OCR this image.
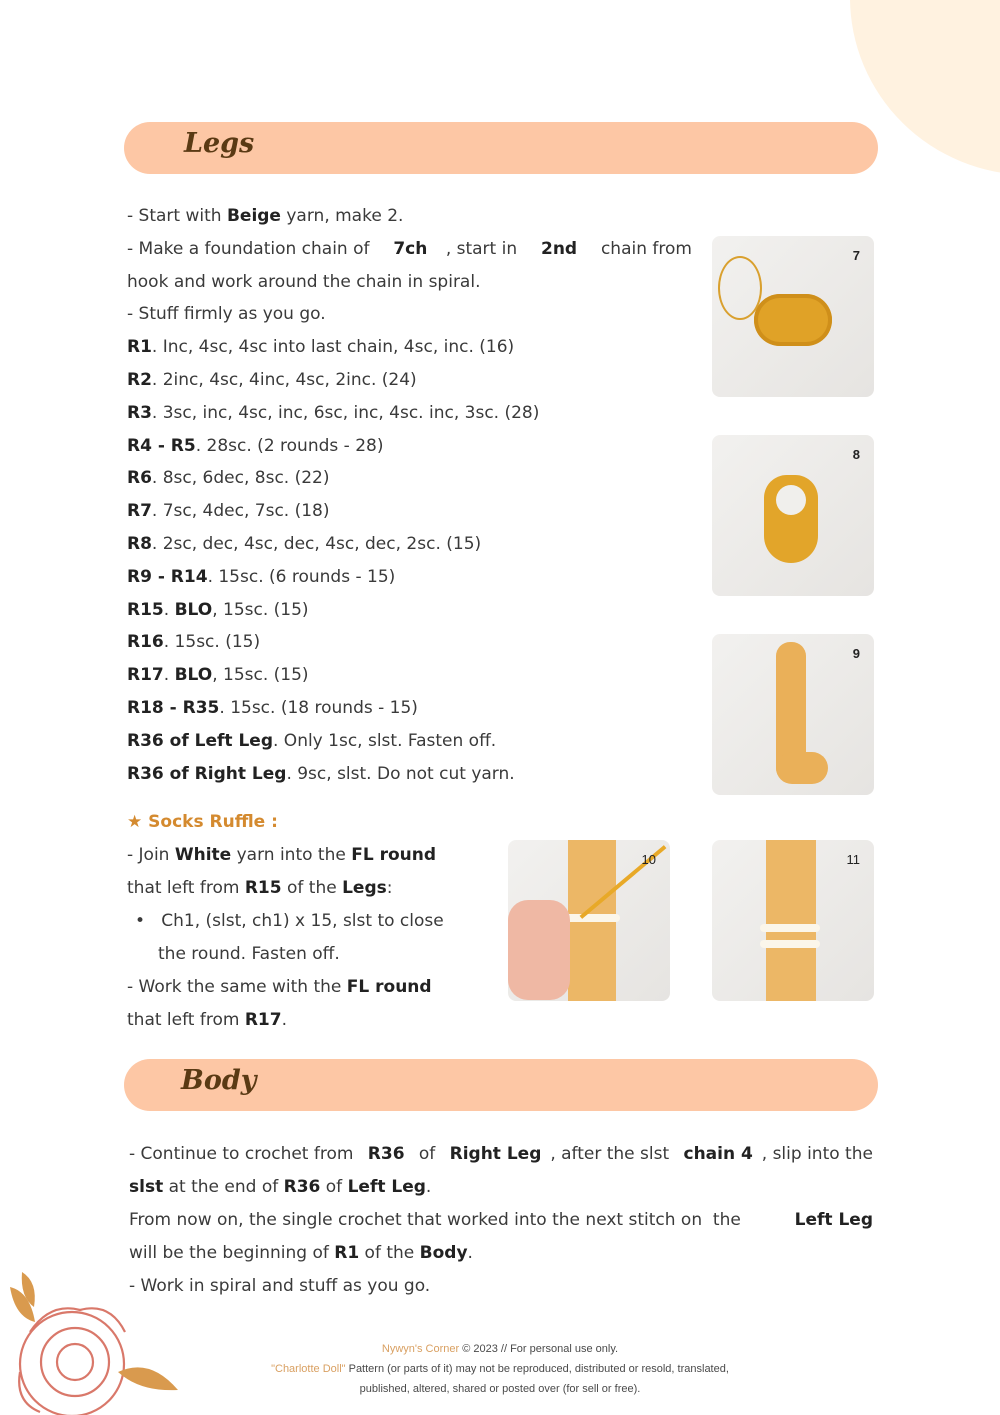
Legs
- Start with Beige yarn, make 2.
- Make a foundation chain of 7ch , start in 2nd chain from
hook and work around the chain in spiral.
- Stuff firmly as you go.
R1. Inc, 4sc, 4sc into last chain, 4sc, inc. (16)
R2. 2inc, 4sc, 4inc, 4sc, 2inc. (24)
R3. 3sc, inc, 4sc, inc, 6sc, inc, 4sc. inc, 3sc. (28)
R4 - R5. 28sc. (2 rounds - 28)
R6. 8sc, 6dec, 8sc. (22)
R7. 7sc, 4dec, 7sc. (18)
R8. 2sc, dec, 4sc, dec, 4sc, dec, 2sc. (15)
R9 - R14. 15sc. (6 rounds - 15)
R15. BLO, 15sc. (15)
R16. 15sc. (15)
R17. BLO, 15sc. (15)
R18 - R35. 15sc. (18 rounds - 15)
R36 of Left Leg. Only 1sc, slst. Fasten off.
R36 of Right Leg. 9sc, slst. Do not cut yarn.
7
8
9
10	11
★ Socks Ruffle :
- Join White yarn into the FL round
that left from R15 of the Legs:
•   Ch1, (slst, ch1) x 15, slst to close
the round. Fasten off.
- Work the same with the FL round
that left from R17.
Body
- Continue to crochet from R36 of Right Leg , after the slst chain 4 , slip into the
slst at the end of R36 of Left Leg.
From now on, the single crochet that worked into the next stitch on  the	Left Leg
will be the beginning of R1 of the Body.
- Work in spiral and stuff as you go.
Nywyn's Corner © 2023 // For personal use only.
"Charlotte Doll" Pattern (or parts of it) may not be reproduced, distributed or resold, translated,
published, altered, shared or posted over (for sell or free).
